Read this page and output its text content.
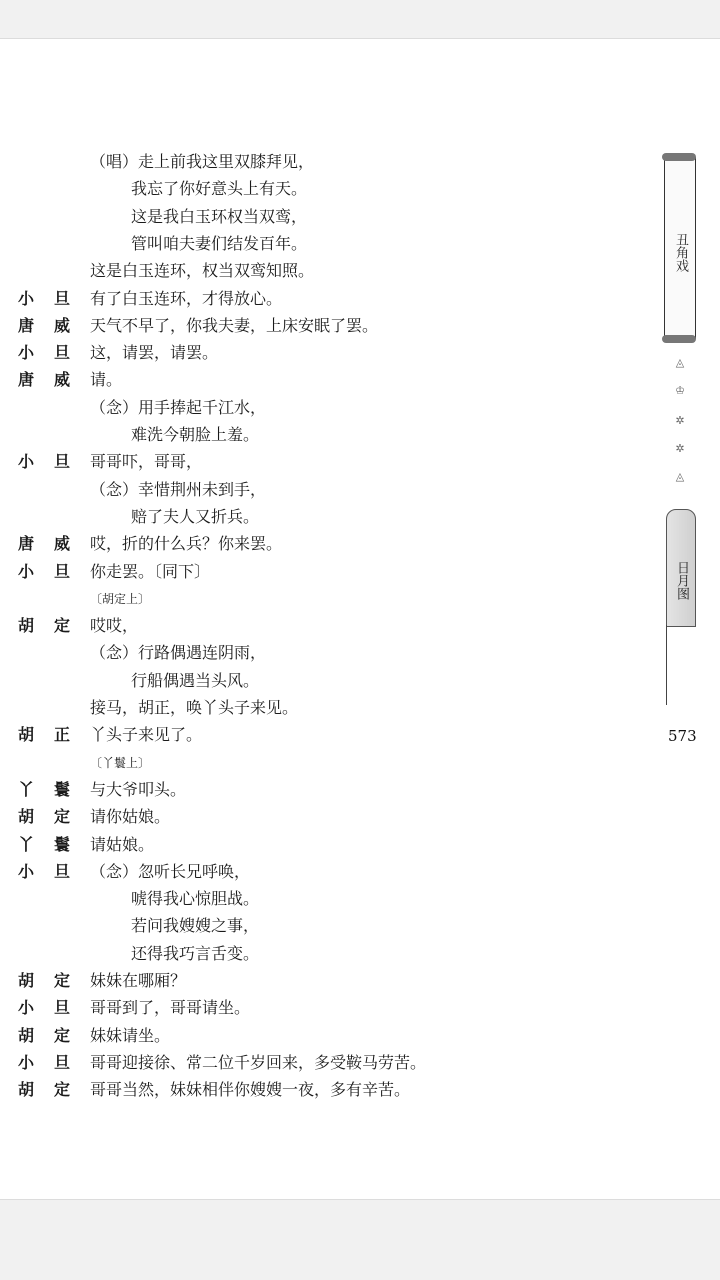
（唱）走上前我这里双膝拜见，
我忘了你好意头上有天。
这是我白玉环权当双鸾，
管叫咱夫妻们结发百年。
这是白玉连环，权当双鸾知照。
小旦 有了白玉连环，才得放心。
唐威 天气不早了，你我夫妻，上床安眠了罢。
小旦 这，请罢，请罢。
唐威 请。
（念）用手捧起千江水，
难洗今朝脸上羞。
小旦 哥哥吓，哥哥，
（念）幸惜荆州未到手，
赔了夫人又折兵。
唐威 哎，折的什么兵？你来罢。
小旦 你走罢。〔同下〕
〔胡定上〕
胡定 哎哎，
（念）行路偶遇连阴雨，
行船偶遇当头风。
接马，胡正，唤丫头子来见。
胡正 丫头子来见了。
〔丫鬟上〕
丫鬟 与大爷叩头。
胡定 请你姑娘。
丫鬟 请姑娘。
小旦 （念）忽听长兄呼唤，
唬得我心惊胆战。
若问我嫂嫂之事，
还得我巧言舌变。
胡定 妹妹在哪厢？
小旦 哥哥到了，哥哥请坐。
胡定 妹妹请坐。
小旦 哥哥迎接徐、常二位千岁回来，多受鞍马劳苦。
胡定 哥哥当然，妹妹相伴你嫂嫂一夜，多有辛苦。
丑角戏
◬
♔
✲
✲
◬
日月图
573
